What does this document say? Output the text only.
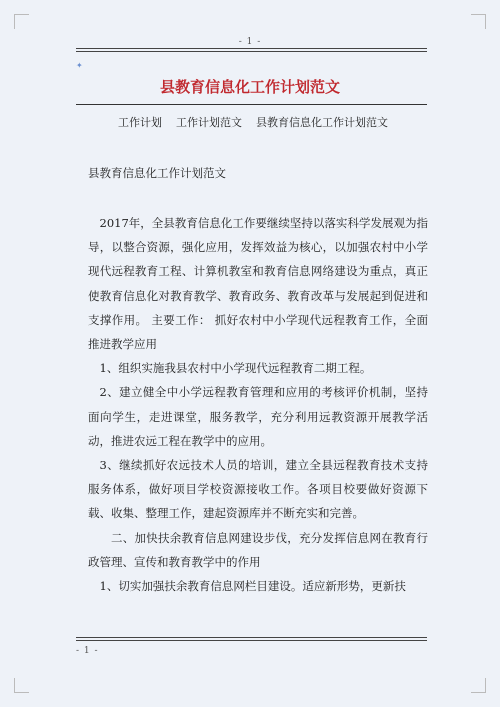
- 1 -
✦
县教育信息化工作计划范文
工作计划 工作计划范文 县教育信息化工作计划范文
县教育信息化工作计划范文

2017年，全县教育信息化工作要继续坚持以落实科学发展观为指导，以整合资源，强化应用，发挥效益为核心，以加强农村中小学现代远程教育工程、计算机教室和教育信息网络建设为重点，真正使教育信息化对教育教学、教育政务、教育改革与发展起到促进和支撑作用。 主要工作： 抓好农村中小学现代远程教育工作，全面推进教学应用

1、组织实施我县农村中小学现代远程教育二期工程。

2、建立健全中小学远程教育管理和应用的考核评价机制，坚持面向学生，走进课堂，服务教学，充分利用远教资源开展教学活动，推进农远工程在教学中的应用。

3、继续抓好农远技术人员的培训，建立全县远程教育技术支持服务体系，做好项目学校资源接收工作。各项目校要做好资源下载、收集、整理工作，建起资源库并不断充实和完善。

二、加快扶余教育信息网建设步伐，充分发挥信息网在教育行政管理、宣传和教育教学中的作用

1、切实加强扶余教育信息网栏目建设。适应新形势，更新扶

- 1 -
